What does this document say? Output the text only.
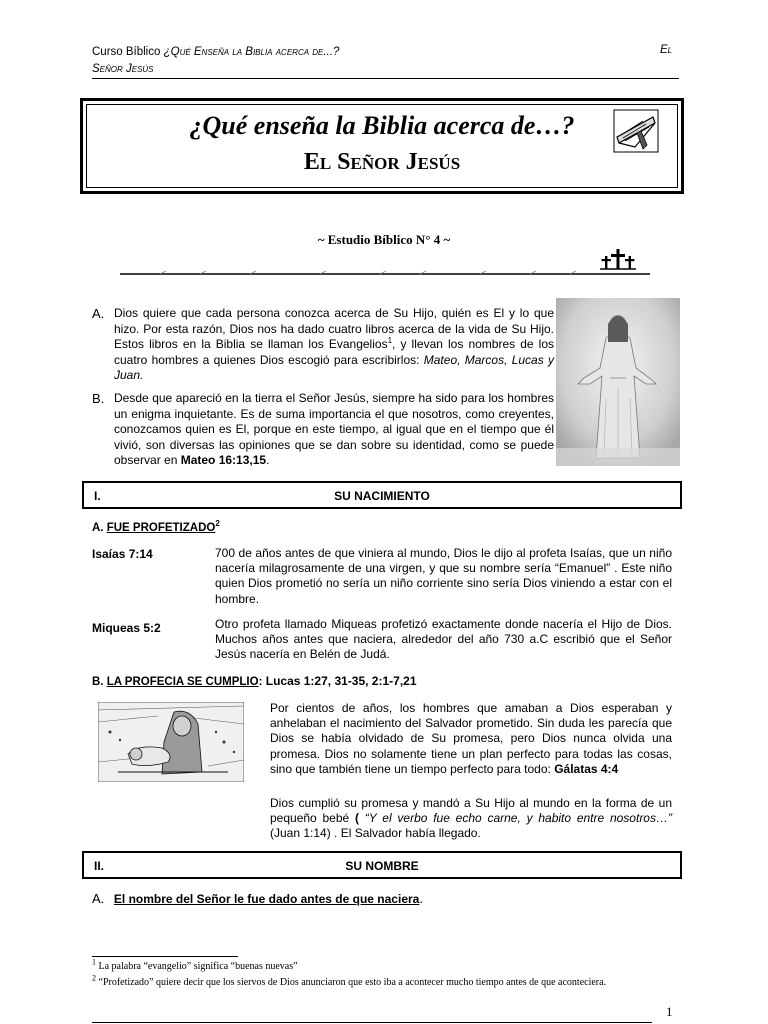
Curso Bíblico ¿Qué Enseña la Biblia acerca de...?
Señor Jesús
El
¿Qué enseña la Biblia acerca de…?
El Señor Jesús
~ Estudio Bíblico N° 4 ~
A. Dios quiere que cada persona conozca acerca de Su Hijo, quién es El y lo que hizo. Por esta razón, Dios nos ha dado cuatro libros acerca de la vida de Su Hijo. Estos libros en la Biblia se llaman los Evangelios$^1$, y llevan los nombres de los cuatro hombres a quienes Dios escogió para escribirlos: Mateo, Marcos, Lucas y Juan.
B. Desde que apareció en la tierra el Señor Jesús, siempre ha sido para los hombres un enigma inquietante. Es de suma importancia el que nosotros, como creyentes, conozcamos quien es El, porque en este tiempo, al igual que en el tiempo que él vivió, son diversas las opiniones que se dan sobre su identidad, como se puede observar en Mateo 16:13,15.
I.	SU NACIMIENTO
A. FUE PROFETIZADO$^2$
Isaías 7:14	700 de años antes de que viniera al mundo, Dios le dijo al profeta Isaías, que un niño nacería milagrosamente de una virgen, y que su nombre sería “Emanuel” . Este niño quien Dios prometió no sería un niño corriente sino sería Dios viniendo a estar con el hombre.
Miqueas 5:2	Otro profeta llamado Miqueas profetizó exactamente donde nacería el Hijo de Dios. Muchos años antes que naciera, alrededor del año 730 a.C escribió que el Señor Jesús nacería en Belén de Judá.
B. LA PROFECIA SE CUMPLIO: Lucas 1:27, 31-35, 2:1-7,21
Por cientos de años, los hombres que amaban a Dios esperaban y anhelaban el nacimiento del Salvador prometido. Sin duda les parecía que Dios se había olvidado de Su promesa, pero Dios nunca olvida una promesa. Dios no solamente tiene un plan perfecto para todas las cosas, sino que también tiene un tiempo perfecto para todo: Gálatas 4:4
Dios cumplió su promesa y mandó a Su Hijo al mundo en la forma de un pequeño bebé ( “Y el verbo fue echo carne, y habito entre nosotros…” (Juan 1:14) . El Salvador había llegado.
II.	SU NOMBRE
A. El nombre del Señor le fue dado antes de que naciera.
$^1$ La palabra “evangelio” significa “buenas nuevas”
$^2$ “Profetizado” quiere decir que los siervos de Dios anunciaron que esto iba a acontecer mucho tiempo antes de que aconteciera.
1
